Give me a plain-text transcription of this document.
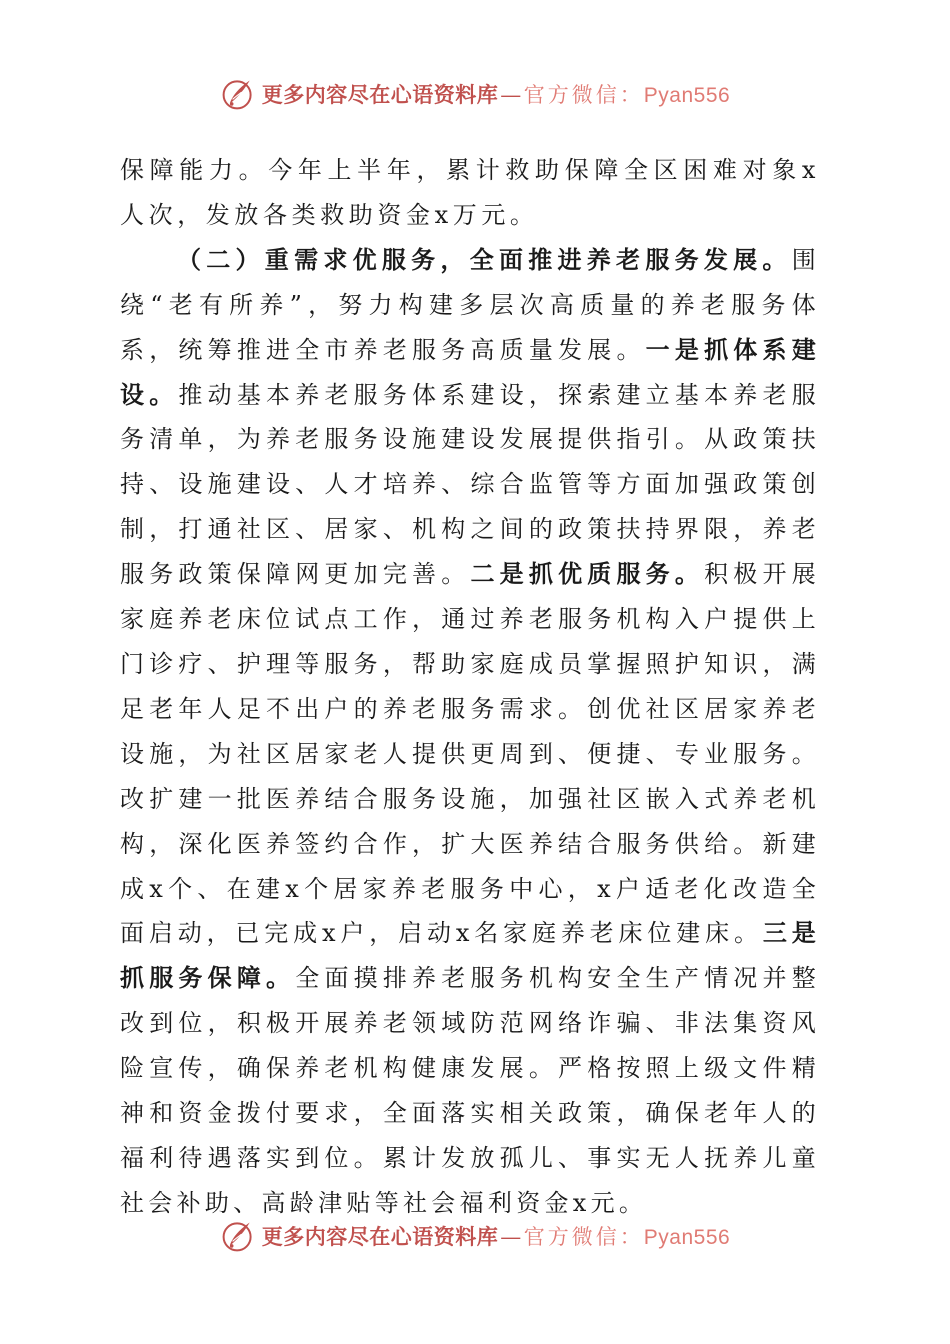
更多内容尽在心语资料库 — 官方微信： Pyan556

保障能力。今年上半年，累计救助保障全区困难对象x人次，发放各类救助资金x万元。

（二）重需求优服务，全面推进养老服务发展。围绕“老有所养”，努力构建多层次高质量的养老服务体系，统筹推进全市养老服务高质量发展。一是抓体系建设。推动基本养老服务体系建设，探索建立基本养老服务清单，为养老服务设施建设发展提供指引。从政策扶持、设施建设、人才培养、综合监管等方面加强政策创制，打通社区、居家、机构之间的政策扶持界限，养老服务政策保障网更加完善。二是抓优质服务。积极开展家庭养老床位试点工作，通过养老服务机构入户提供上门诊疗、护理等服务，帮助家庭成员掌握照护知识，满足老年人足不出户的养老服务需求。创优社区居家养老设施，为社区居家老人提供更周到、便捷、专业服务。改扩建一批医养结合服务设施，加强社区嵌入式养老机构，深化医养签约合作，扩大医养结合服务供给。新建成x个、在建x个居家养老服务中心，x户适老化改造全面启动，已完成x户，启动x名家庭养老床位建床。三是抓服务保障。全面摸排养老服务机构安全生产情况并整改到位，积极开展养老领域防范网络诈骗、非法集资风险宣传，确保养老机构健康发展。严格按照上级文件精神和资金拨付要求，全面落实相关政策，确保老年人的福利待遇落实到位。累计发放孤儿、事实无人抚养儿童社会补助、高龄津贴等社会福利资金x元。

更多内容尽在心语资料库 — 官方微信： Pyan556
